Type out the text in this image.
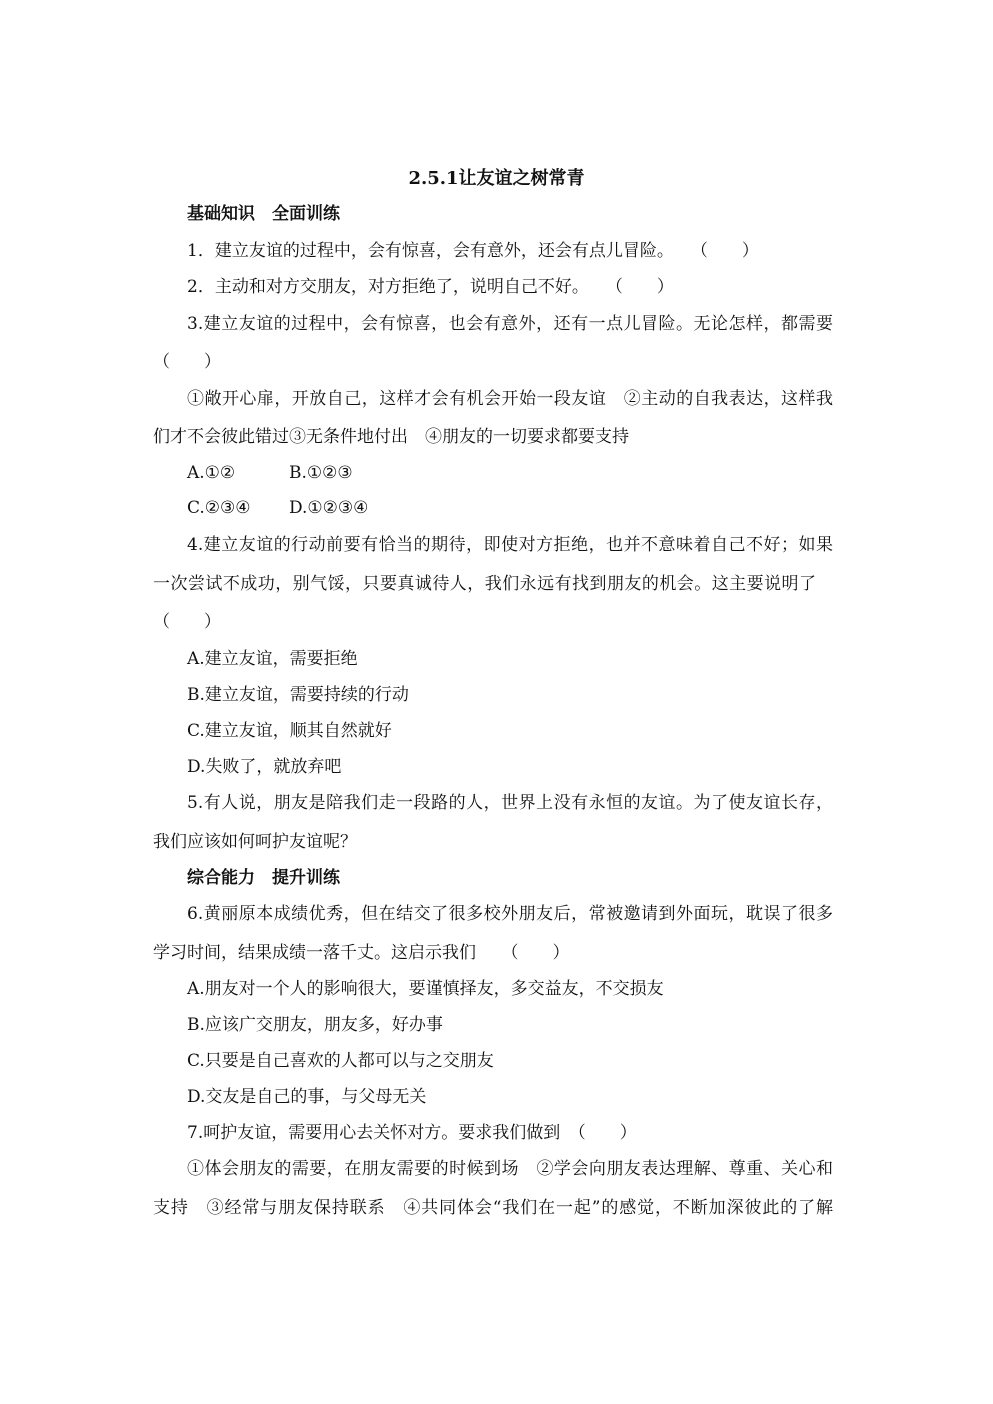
2.5.1让友谊之树常青
基础知识　全面训练
1．建立友谊的过程中，会有惊喜，会有意外，还会有点儿冒险。　　（　　）
2．主动和对方交朋友，对方拒绝了，说明自己不好。　　（　　）
3.建立友谊的过程中，会有惊喜，也会有意外，还有一点儿冒险。无论怎样，都需要
（　　）
①敞开心扉，开放自己，这样才会有机会开始一段友谊　②主动的自我表达，这样我
们才不会彼此错过③无条件地付出　④朋友的一切要求都要支持
A.①②	B.①②③
C.②③④ D.①②③④
4.建立友谊的行动前要有恰当的期待，即使对方拒绝，也并不意味着自己不好；如果
一次尝试不成功，别气馁，只要真诚待人，我们永远有找到朋友的机会。这主要说明了
（　　）
A.建立友谊，需要拒绝
B.建立友谊，需要持续的行动
C.建立友谊，顺其自然就好
D.失败了，就放弃吧
5.有人说，朋友是陪我们走一段路的人，世界上没有永恒的友谊。为了使友谊长存，
我们应该如何呵护友谊呢？
综合能力　提升训练
6.黄丽原本成绩优秀，但在结交了很多校外朋友后，常被邀请到外面玩，耽误了很多
学习时间，结果成绩一落千丈。这启示我们　　（　　）
A.朋友对一个人的影响很大，要谨慎择友，多交益友，不交损友
B.应该广交朋友，朋友多，好办事
C.只要是自己喜欢的人都可以与之交朋友
D.交友是自己的事，与父母无关
7.呵护友谊，需要用心去关怀对方。要求我们做到　（　　）
①体会朋友的需要，在朋友需要的时候到场　②学会向朋友表达理解、尊重、关心和
支持　③经常与朋友保持联系　④共同体会“我们在一起”的感觉，不断加深彼此的了解
